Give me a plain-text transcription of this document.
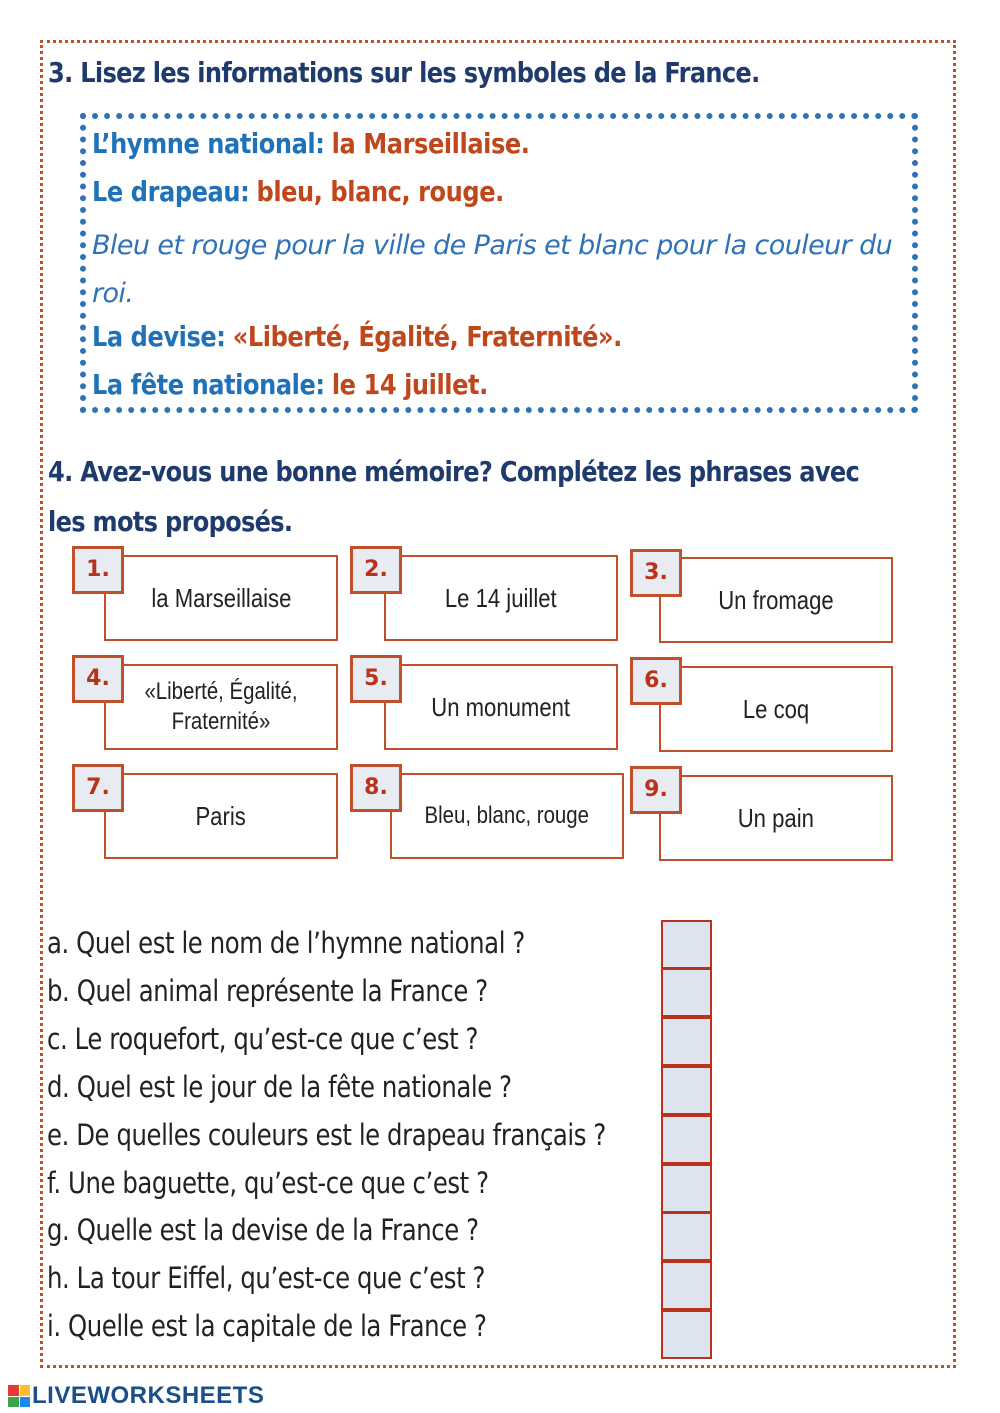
3. Lisez les informations sur les symboles de la France.
L’hymne national: la Marseillaise.
Le drapeau: bleu, blanc, rouge.
Bleu et rouge pour la ville de Paris et blanc pour la couleur du roi.
La devise: «Liberté, Égalité, Fraternité».
La fête nationale: le 14 juillet.
4. Avez-vous une bonne mémoire? Complétez les phrases avec
les mots proposés.
la Marseillaise
1.
Le 14 juillet
2.
Un fromage
3.
«Liberté, Égalité, Fraternité»
4.
Un monument
5.
Le coq
6.
Paris
7.
Bleu, blanc, rouge
8.
Un pain
9.
a. Quel est le nom de l’hymne national ?
b. Quel animal représente la France ?
c. Le roquefort, qu’est-ce que c’est ?
d. Quel est le jour de la fête nationale ?
e. De quelles couleurs est le drapeau français ?
f. Une baguette, qu’est-ce que c’est ?
g. Quelle est la devise de la France ?
h. La tour Eiffel, qu’est-ce que c’est ?
i. Quelle est la capitale de la France ?
LIVEWORKSHEETS
